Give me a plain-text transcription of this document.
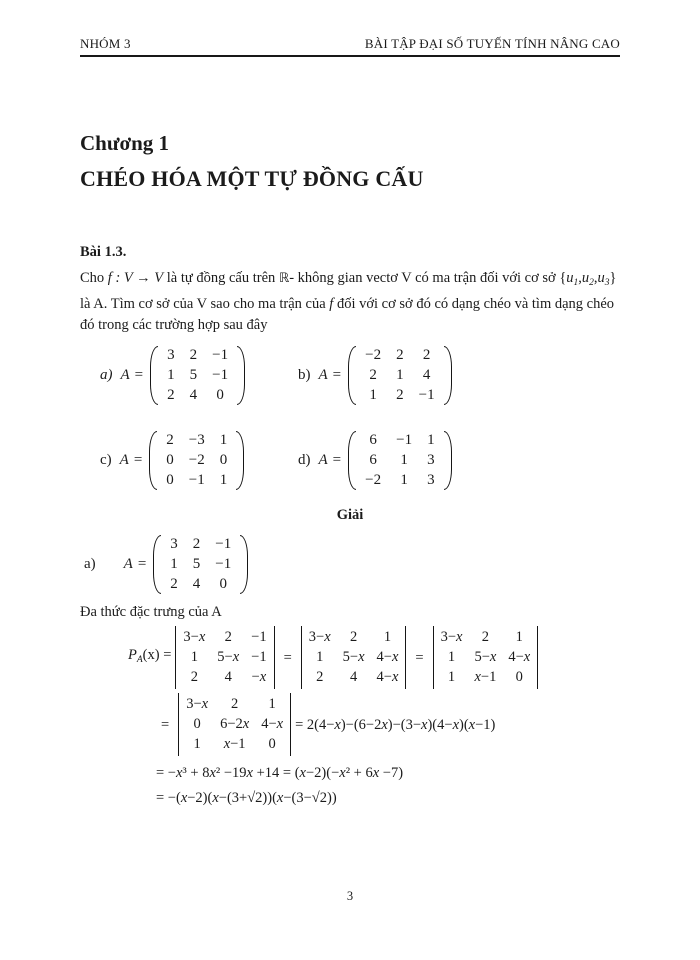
NHÓM 3	BÀI TẬP ĐẠI SỐ TUYẾN TÍNH NÂNG CAO
Chương 1
CHÉO HÓA MỘT TỰ ĐỒNG CẤU
Bài 1.3.

Cho f : V → V là tự đồng cấu trên ℝ- không gian vectơ V có ma trận đối với cơ sở $\{u_1,u_2,u_3\}$ là A. Tìm cơ sở của V sao cho ma trận của f đối với cơ sở đó có dạng chéo và tìm dạng chéo đó trong các trường hợp sau đây

a) A =
3 2 −1
1 5 −1
2 4 0
b) A =
−2 2 2
2 1 4
1 2 −1
c) A =
2 −3 1
0 −2 0
0 −1 1
d) A =
6 −1 1
6 1 3
−2 1 3
Giải
a) A =
3 2 −1
1 5 −1
2 4 0
Đa thức đặc trưng của A
$P_A(x)$ =
3−x 2 −1
1 5−x −1
2 4 −x
=
3−x 2 1
1 5−x 4−x
2 4 4−x
=
3−x 2 1
1 5−x 4−x
1 x−1 0
=
3−x 2 1
0 6−2x 4−x
1 x−1 0
= 2(4−x)−(6−2x)−(3−x)(4−x)(x−1)
= −x³ + 8x² −19x +14 = (x−2)(−x² + 6x −7)
= −(x−2)(x−(3+√2))(x−(3−√2))
3
